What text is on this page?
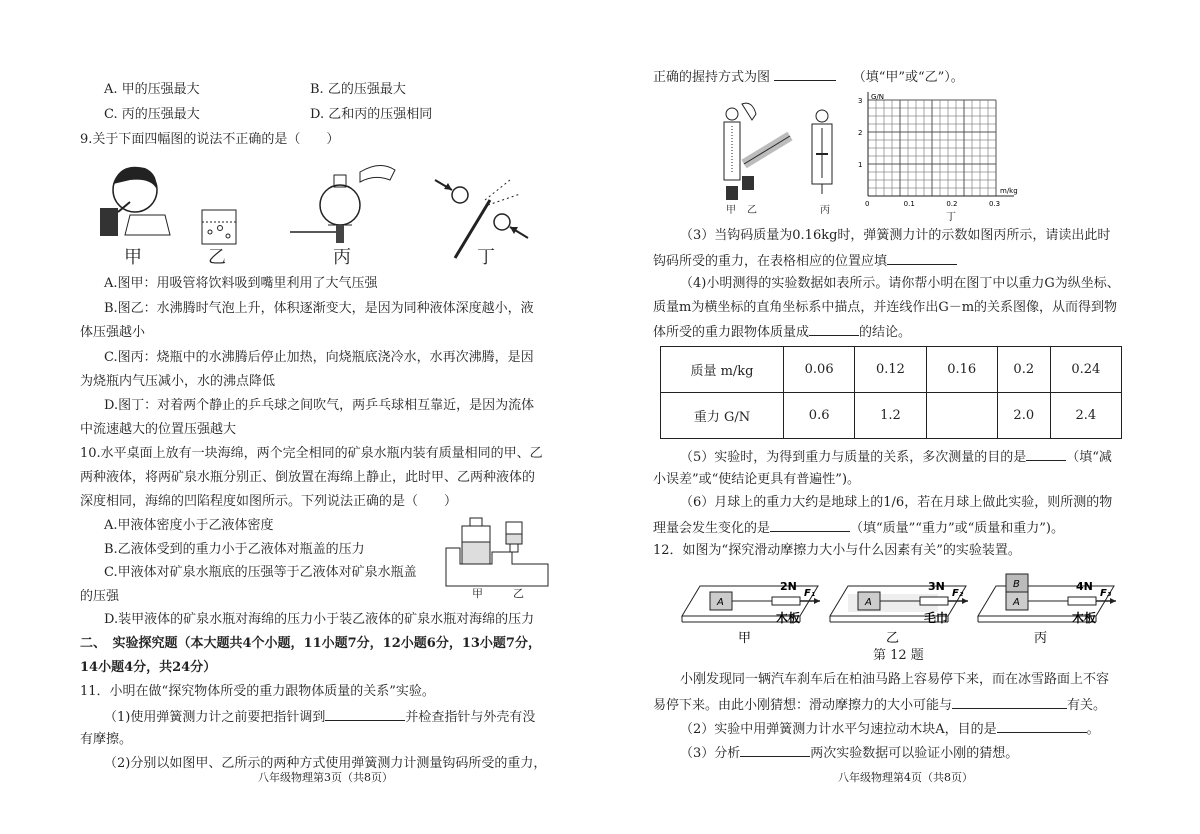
A. 甲的压强最大	B. 乙的压强最大
C. 丙的压强最大	D. 乙和丙的压强相同
9.关于下面四幅图的说法不正确的是（　　）
甲	乙	丙	丁
A.图甲：用吸管将饮料吸到嘴里利用了大气压强
B.图乙：水沸腾时气泡上升，体积逐渐变大，是因为同种液体深度越小，液
体压强越小
C.图丙：烧瓶中的水沸腾后停止加热，向烧瓶底浇冷水，水再次沸腾，是因
为烧瓶内气压减小，水的沸点降低
D.图丁：对着两个静止的乒乓球之间吹气，两乒乓球相互靠近，是因为流体
中流速越大的位置压强越大
10.水平桌面上放有一块海绵，两个完全相同的矿泉水瓶内装有质量相同的甲、乙
两种液体，将两矿泉水瓶分别正、倒放置在海绵上静止，此时甲、乙两种液体的
深度相同，海绵的凹陷程度如图所示。下列说法正确的是（　　）
A.甲液体密度小于乙液体密度
B.乙液体受到的重力小于乙液体对瓶盖的压力
C.甲液体对矿泉水瓶底的压强等于乙液体对矿泉水瓶盖
的压强
D.装甲液体的矿泉水瓶对海绵的压力小于装乙液体的矿泉水瓶对海绵的压力
甲	乙
二、　实验探究题（本大题共4个小题，11小题7分，12小题6分，13小题7分，
14小题4分，共24分）
11．小明在做“探究物体所受的重力跟物体质量的关系”实验。
（1)使用弹簧测力计之前要把指针调到	并检查指针与外壳有没
有摩擦。
（2)分别以如图甲、乙所示的两种方式使用弹簧测力计测量钩码所受的重力，
八年级物理第3页（共8页）
正确的握持方式为图	（填“甲”或“乙”）。
甲 乙	丙
G/N
m/kg
3
2
1
0	0.1	0.2	0.3
丁
（3）当钩码质量为0.16kg时，弹簧测力计的示数如图丙所示，请读出此时
钩码所受的重力，在表格相应的位置应填
（4)小明测得的实验数据如表所示。请你帮小明在图丁中以重力G为纵坐标、
质量m为横坐标的直角坐标系中描点，并连线作出G－m的关系图像，从而得到物
体所受的重力跟物体质量成	的结论。
质量 m/kg	0.06	0.12	0.16	0.2	0.24
重力 G/N	0.6	1.2		2.0	2.4
（5）实验时，为得到重力与质量的关系，多次测量的目的是	（填“减
小误差”或“使结论更具有普遍性”)。
（6）月球上的重力大约是地球上的1/6，若在月球上做此实验，则所测的物
理量会发生变化的是	（填“质量”“重力”或“质量和重力”)。
12．如图为“探究滑动摩擦力大小与什么因素有关”的实验装置。
A
2N
F₁
木板
甲
A
3N
F₂
毛巾
乙
A
B	4N
F₃
木板
丙
第 12 题
小刚发现同一辆汽车刹车后在柏油马路上容易停下来，而在冰雪路面上不容
易停下来。由此小刚猜想：滑动摩擦力的大小可能与	有关。
（2）实验中用弹簧测力计水平匀速拉动木块A，目的是	。
（3）分析	两次实验数据可以验证小刚的猜想。
八年级物理第4页（共8页）
